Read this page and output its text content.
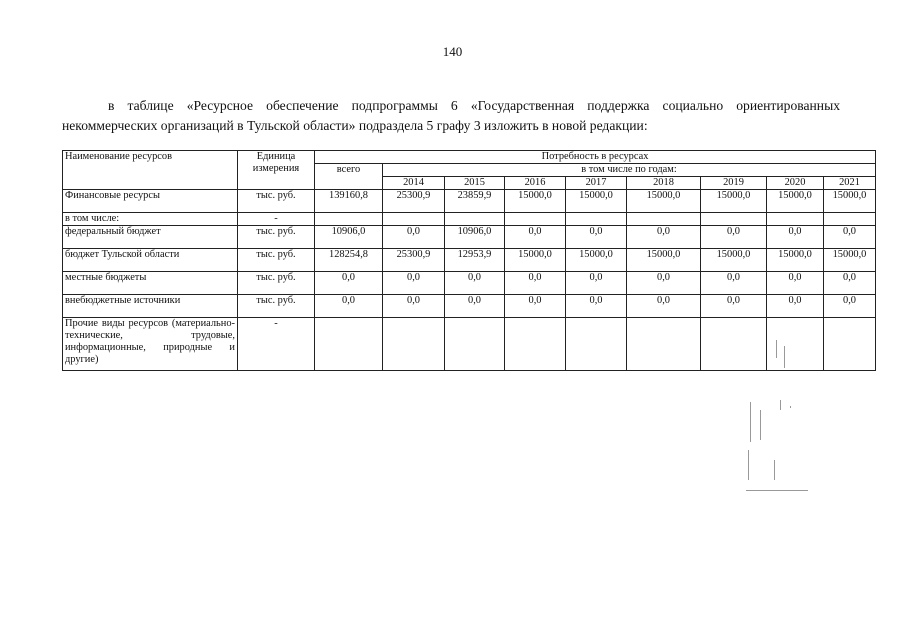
140
в таблице «Ресурсное обеспечение подпрограммы 6 «Государственная поддержка социально ориентированных некоммерческих организаций в Тульской области» подраздела 5 графу 3 изложить в новой редакции:
Наименование ресурсов	Единица измерения	Потребность в ресурсах								
		всего	в том числе по годам:							
			2014	2015	2016	2017	2018	2019	2020	2021
Финансовые ресурсы	тыс. руб.	139160,8	25300,9	23859,9	15000,0	15000,0	15000,0	15000,0	15000,0	15000,0
в том числе:	-									
федеральный бюджет	тыс. руб.	10906,0	0,0	10906,0	0,0	0,0	0,0	0,0	0,0	0,0
бюджет Тульской области	тыс. руб.	128254,8	25300,9	12953,9	15000,0	15000,0	15000,0	15000,0	15000,0	15000,0
местные бюджеты	тыс. руб.	0,0	0,0	0,0	0,0	0,0	0,0	0,0	0,0	0,0
внебюджетные источники	тыс. руб.	0,0	0,0	0,0	0,0	0,0	0,0	0,0	0,0	0,0
Прочие виды ресурсов (материально-технические, трудовые, информационные, природные и другие)	-									
